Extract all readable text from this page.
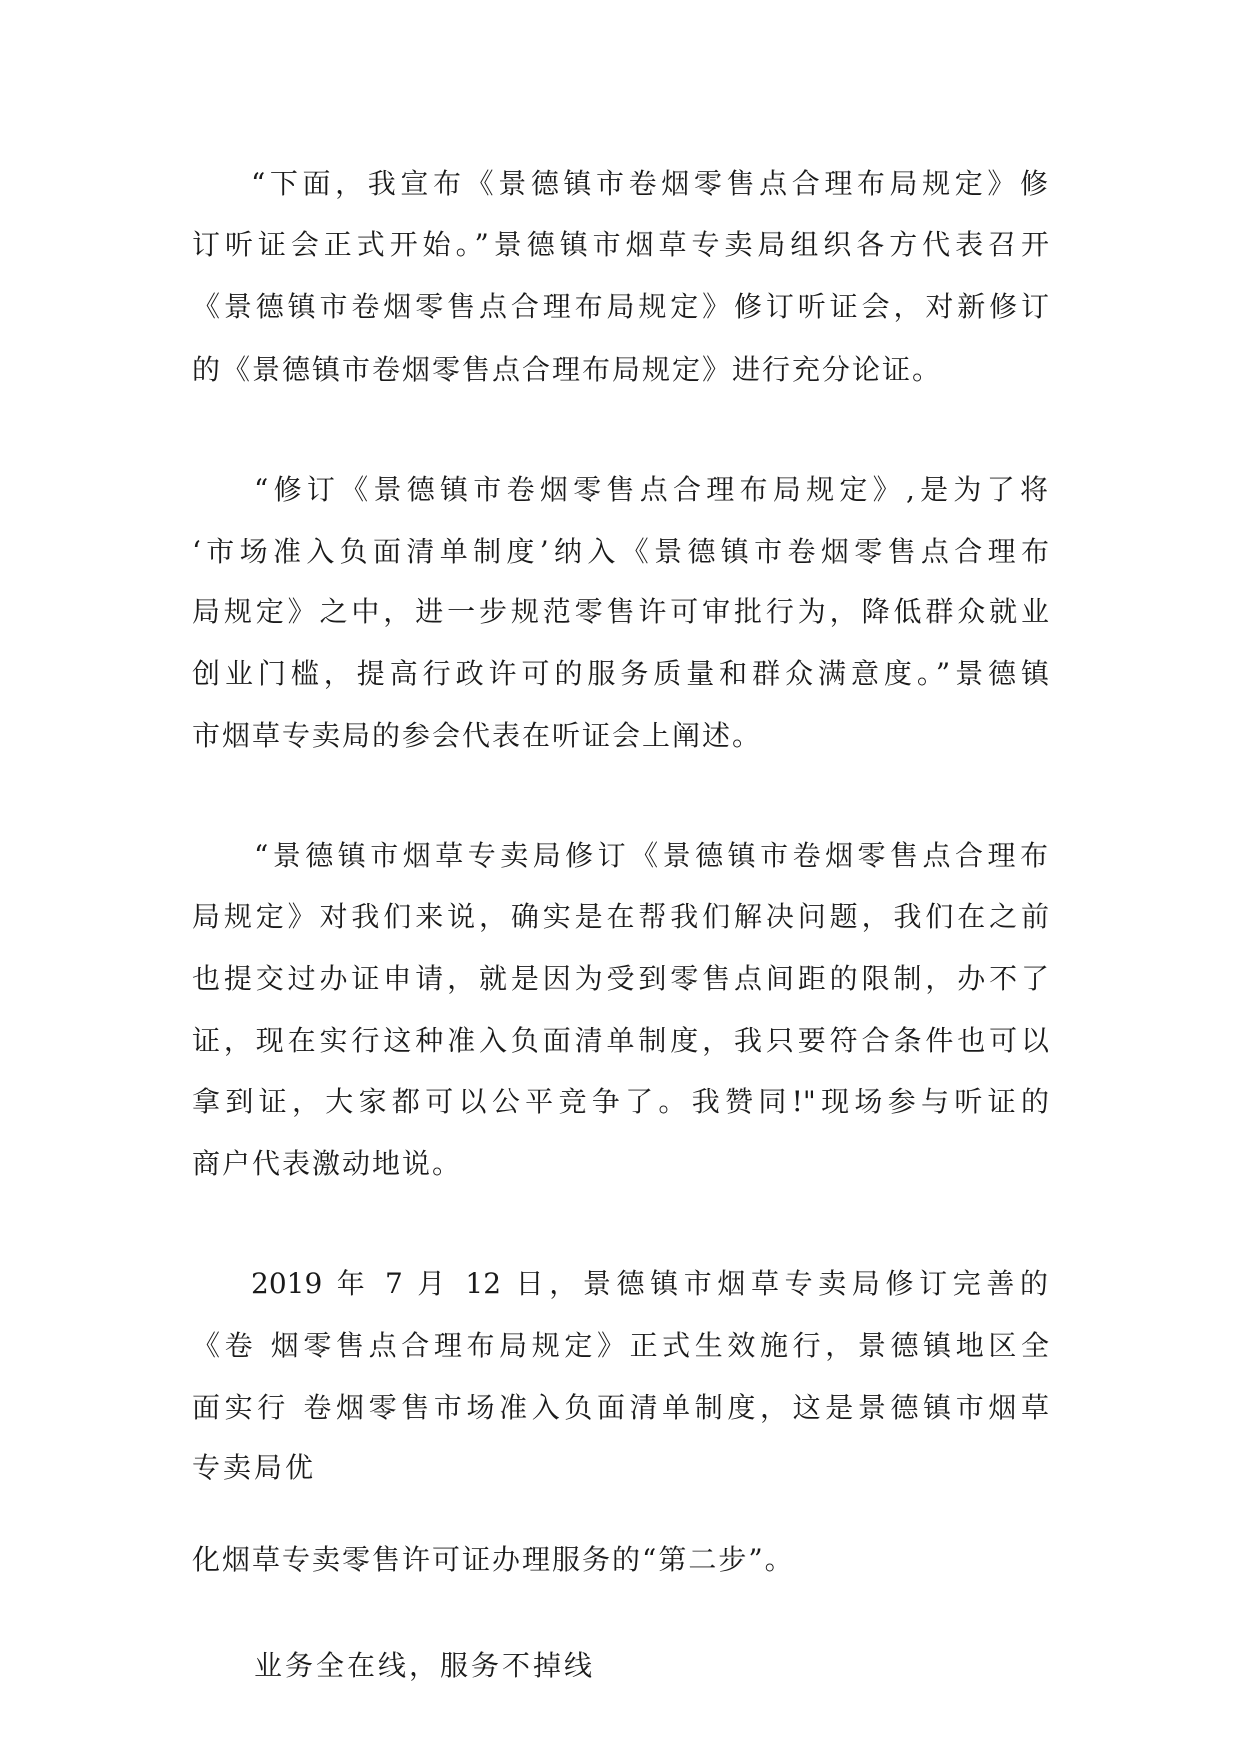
“下面，我宣布《景德镇市卷烟零售点合理布局规定》修

订听证会正式开始。”景德镇市烟草专卖局组织各方代表召开

《景德镇市卷烟零售点合理布局规定》修订听证会，对新修订

的《景德镇市卷烟零售点合理布局规定》进行充分论证。

“修订《景德镇市卷烟零售点合理布局规定》,是为了将

‘市场准入负面清单制度’纳入《景德镇市卷烟零售点合理布

局规定》之中，进一步规范零售许可审批行为，降低群众就业

创业门槛，提高行政许可的服务质量和群众满意度。”景德镇

市烟草专卖局的参会代表在听证会上阐述。

“景德镇市烟草专卖局修订《景德镇市卷烟零售点合理布

局规定》对我们来说，确实是在帮我们解决问题，我们在之前

也提交过办证申请，就是因为受到零售点间距的限制，办不了

证，现在实行这种准入负面清单制度，我只要符合条件也可以

拿到证，大家都可以公平竞争了。我赞同!"现场参与听证的

商户代表激动地说。

2019 年 7 月 12 日，景德镇市烟草专卖局修订完善的

《卷 烟零售点合理布局规定》正式生效施行，景德镇地区全

面实行 卷烟零售市场准入负面清单制度，这是景德镇市烟草

专卖局优

化烟草专卖零售许可证办理服务的“第二步”。

业务全在线，服务不掉线
